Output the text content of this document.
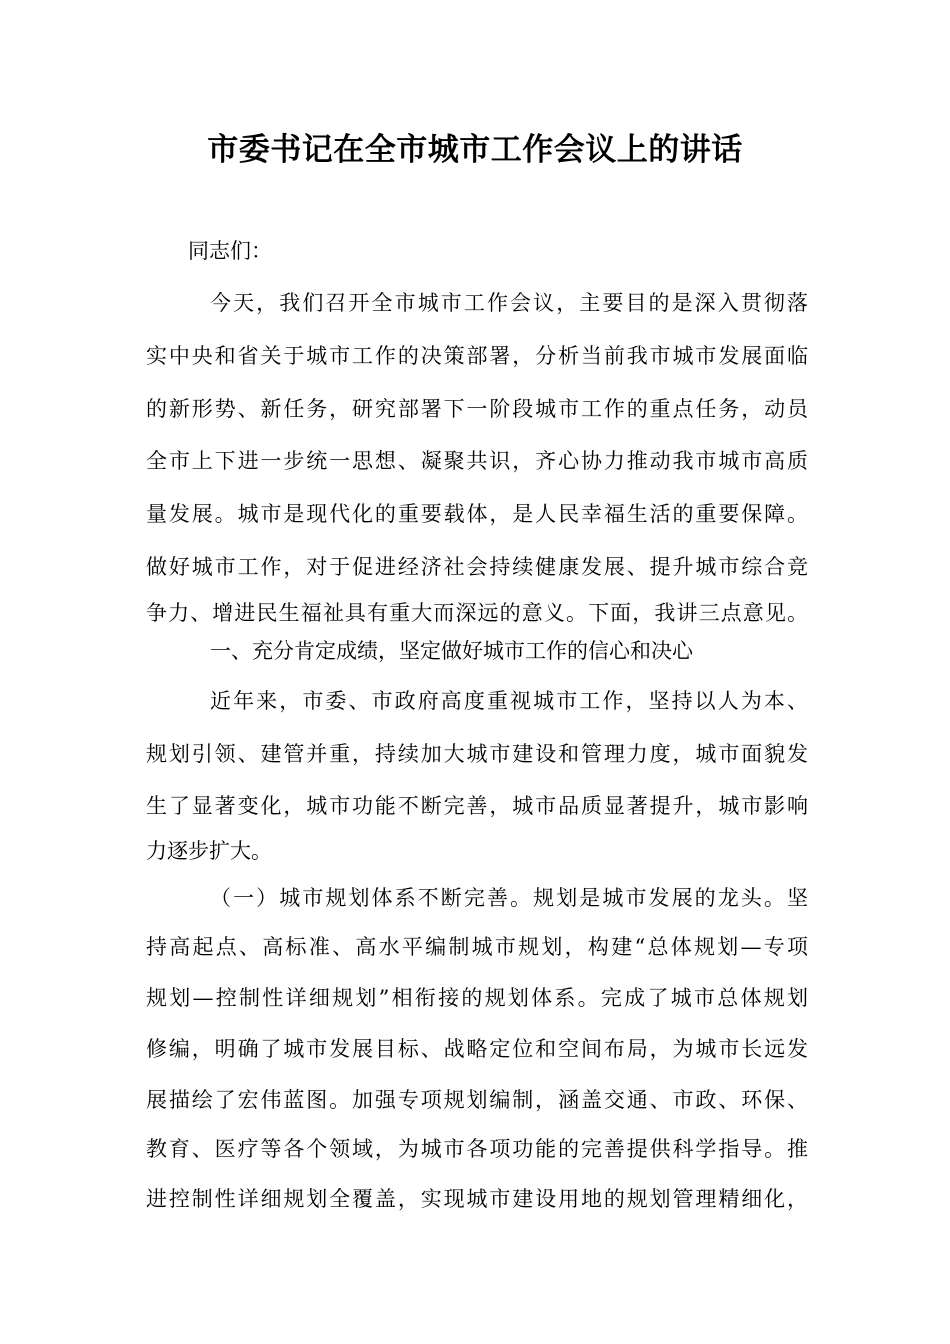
市委书记在全市城市工作会议上的讲话
同志们：
今天，我们召开全市城市工作会议，主要目的是深入贯彻落
实中央和省关于城市工作的决策部署，分析当前我市城市发展面临
的新形势、新任务，研究部署下一阶段城市工作的重点任务，动员
全市上下进一步统一思想、凝聚共识，齐心协力推动我市城市高质
量发展。城市是现代化的重要载体，是人民幸福生活的重要保障。
做好城市工作，对于促进经济社会持续健康发展、提升城市综合竞
争力、增进民生福祉具有重大而深远的意义。下面，我讲三点意见。
一、充分肯定成绩，坚定做好城市工作的信心和决心
近年来，市委、市政府高度重视城市工作，坚持以人为本、
规划引领、建管并重，持续加大城市建设和管理力度，城市面貌发
生了显著变化，城市功能不断完善，城市品质显著提升，城市影响
力逐步扩大。
（一）城市规划体系不断完善。规划是城市发展的龙头。坚
持高起点、高标准、高水平编制城市规划，构建“总体规划—专项
规划—控制性详细规划”相衔接的规划体系。完成了城市总体规划
修编，明确了城市发展目标、战略定位和空间布局，为城市长远发
展描绘了宏伟蓝图。加强专项规划编制，涵盖交通、市政、环保、
教育、医疗等各个领域，为城市各项功能的完善提供科学指导。推
进控制性详细规划全覆盖，实现城市建设用地的规划管理精细化，
